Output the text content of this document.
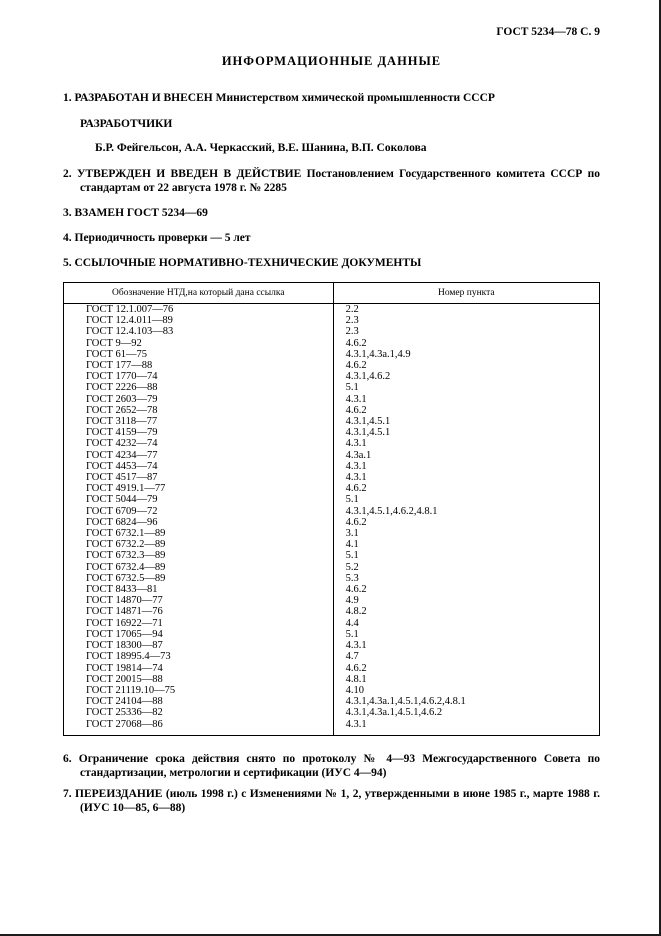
ГОСТ 5234—78 С. 9
ИНФОРМАЦИОННЫЕ ДАННЫЕ

1. РАЗРАБОТАН И ВНЕСЕН Министерством химической промышленности СССР

РАЗРАБОТЧИКИ

Б.Р. Фейгельсон, А.А. Черкасский, В.Е. Шанина, В.П. Соколова

2. УТВЕРЖДЕН И ВВЕДЕН В ДЕЙСТВИЕ Постановлением Государственного комитета СССР по стандартам от 22 августа 1978 г. № 2285

3. ВЗАМЕН ГОСТ 5234—69

4. Периодичность проверки — 5 лет

5. ССЫЛОЧНЫЕ НОРМАТИВНО-ТЕХНИЧЕСКИЕ ДОКУМЕНТЫ

Обозначение НТД,на который дана ссылка	Номер пункта
ГОСТ 12.1.007—76	2.2
ГОСТ 12.4.011—89	2.3
ГОСТ 12.4.103—83	2.3
ГОСТ 9—92	4.6.2
ГОСТ 61—75	4.3.1,4.3а.1,4.9
ГОСТ 177—88	4.6.2
ГОСТ 1770—74	4.3.1,4.6.2
ГОСТ 2226—88	5.1
ГОСТ 2603—79	4.3.1
ГОСТ 2652—78	4.6.2
ГОСТ 3118—77	4.3.1,4.5.1
ГОСТ 4159—79	4.3.1,4.5.1
ГОСТ 4232—74	4.3.1
ГОСТ 4234—77	4.3а.1
ГОСТ 4453—74	4.3.1
ГОСТ 4517—87	4.3.1
ГОСТ 4919.1—77	4.6.2
ГОСТ 5044—79	5.1
ГОСТ 6709—72	4.3.1,4.5.1,4.6.2,4.8.1
ГОСТ 6824—96	4.6.2
ГОСТ 6732.1—89	3.1
ГОСТ 6732.2—89	4.1
ГОСТ 6732.3—89	5.1
ГОСТ 6732.4—89	5.2
ГОСТ 6732.5—89	5.3
ГОСТ 8433—81	4.6.2
ГОСТ 14870—77	4.9
ГОСТ 14871—76	4.8.2
ГОСТ 16922—71	4.4
ГОСТ 17065—94	5.1
ГОСТ 18300—87	4.3.1
ГОСТ 18995.4—73	4.7
ГОСТ 19814—74	4.6.2
ГОСТ 20015—88	4.8.1
ГОСТ 21119.10—75	4.10
ГОСТ 24104—88	4.3.1,4.3а.1,4.5.1,4.6.2,4.8.1
ГОСТ 25336—82	4.3.1,4.3а.1,4.5.1,4.6.2
ГОСТ 27068—86	4.3.1

6. Ограничение срока действия снято по протоколу № 4—93 Межгосударственного Совета по стандартизации, метрологии и сертификации (ИУС 4—94)

7. ПЕРЕИЗДАНИЕ (июль 1998 г.) с Изменениями № 1, 2, утвержденными в июне 1985 г., марте 1988 г. (ИУС 10—85, 6—88)
